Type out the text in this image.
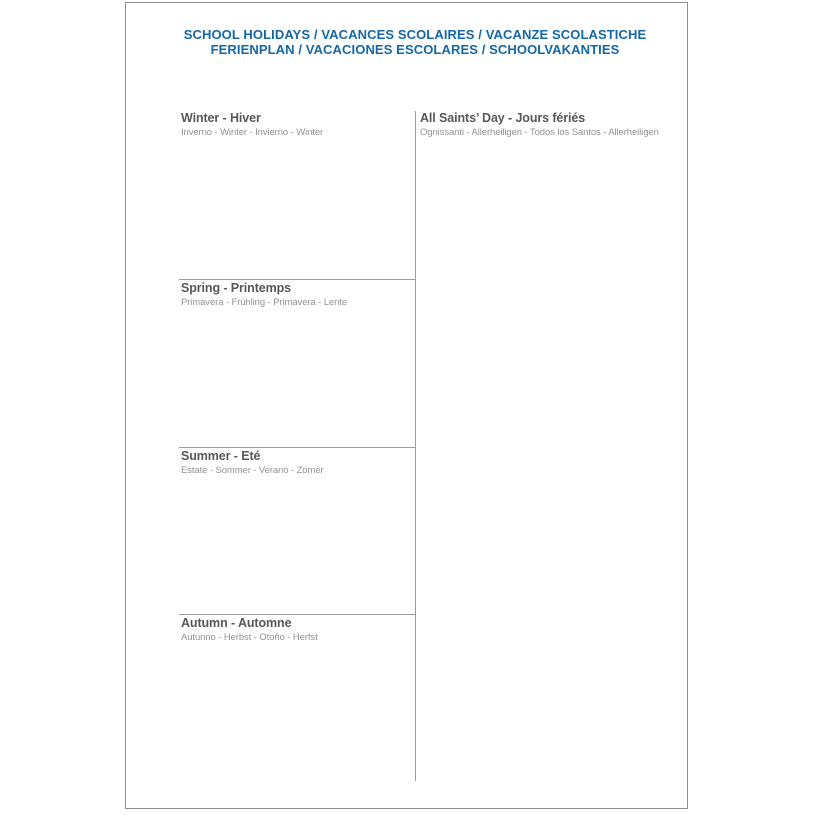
SCHOOL HOLIDAYS / VACANCES SCOLAIRES / VACANZE SCOLASTICHE
FERIENPLAN / VACACIONES ESCOLARES / SCHOOLVAKANTIES
Winter - Hiver
Inverno - Winter - Invierno - Winter
Spring - Printemps
Primavera - Frühling - Primavera - Lente
Summer - Eté
Estate - Sommer - Verano - Zomer
Autumn - Automne
Autunno - Herbst - Otoño - Herfst
All Saints’ Day - Jours fériés
Ognissanti - Allerheiligen - Todos los Santos - Allerheiligen
